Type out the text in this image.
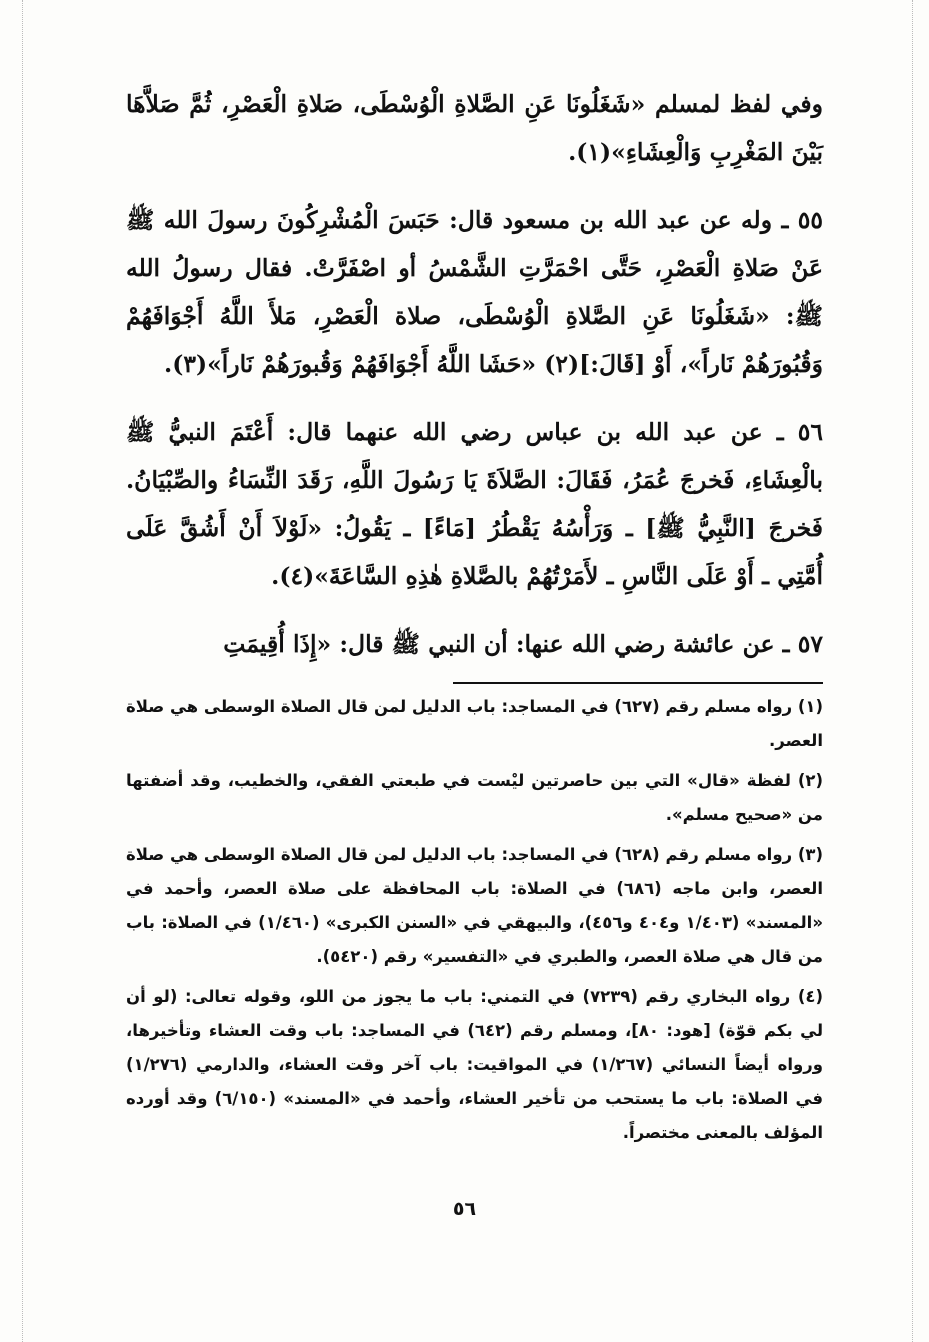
وفي لفظ لمسلم «شَغَلُونَا عَنِ الصَّلاةِ الْوُسْطَى، صَلاةِ الْعَصْرِ، ثُمَّ صَلاَّهَا بَيْنَ المَغْرِبِ وَالْعِشَاءِ»(١).

٥٥ ـ وله عن عبد الله بن مسعود قال: حَبَسَ الْمُشْرِكُونَ رسولَ الله ﷺ عَنْ صَلاةِ الْعَصْرِ، حَتَّى احْمَرَّتِ الشَّمْسُ أو اصْفَرَّتْ. فقال رسولُ الله ﷺ: «شَغَلُونَا عَنِ الصَّلاةِ الْوُسْطَى، صلاة الْعَصْرِ، مَلأَ اللَّهُ أَجْوَافَهُمْ وَقُبُورَهُمْ نَاراً»، أَوْ [قَالَ:](٢) «حَشَا اللَّهُ أَجْوَافَهُمْ وَقُبورَهُمْ نَاراً»(٣).

٥٦ ـ عن عبد الله بن عباس رضي الله عنهما قال: أَعْتَمَ النبيُّ ﷺ بالْعِشَاءِ، فَخرجَ عُمَرُ، فَقَالَ: الصَّلاَةَ يَا رَسُولَ اللَّهِ، رَقَدَ النِّسَاءُ والصِّبْيَانُ. فَخرجَ [النَّبِيُّ ﷺ] ـ وَرَأْسُهُ يَقْطُرُ [مَاءً] ـ يَقُولُ: «لَوْلاَ أَنْ أَشُقَّ عَلَى أُمَّتِي ـ أَوْ عَلَى النَّاسِ ـ لأَمَرْتُهُمْ بالصَّلاةِ هٰذِهِ السَّاعَةَ»(٤).

٥٧ ـ عن عائشة رضي الله عنها: أن النبي ﷺ قال: «إِذَا أُقِيمَتِ

(١) رواه مسلم رقم (٦٢٧) في المساجد: باب الدليل لمن قال الصلاة الوسطى هي صلاة العصر.

(٢) لفظة «قال» التي بين حاصرتين ليْست في طبعتي الفقي، والخطيب، وقد أضفتها من «صحيح مسلم».

(٣) رواه مسلم رقم (٦٢٨) في المساجد: باب الدليل لمن قال الصلاة الوسطى هي صلاة العصر، وابن ماجه (٦٨٦) في الصلاة: باب المحافظة على صلاة العصر، وأحمد في «المسند» (١/٤٠٣ و٤٠٤ و٤٥٦)، والبيهقي في «السنن الكبرى» (١/٤٦٠) في الصلاة: باب من قال هي صلاة العصر، والطبري في «التفسير» رقم (٥٤٢٠).

(٤) رواه البخاري رقم (٧٢٣٩) في التمني: باب ما يجوز من اللو، وقوله تعالى: (لو أن لي بكم قوّة) [هود: ٨٠]، ومسلم رقم (٦٤٢) في المساجد: باب وقت العشاء وتأخيرها، ورواه أيضاً النسائي (١/٢٦٧) في المواقيت: باب آخر وقت العشاء، والدارمي (١/٢٧٦) في الصلاة: باب ما يستحب من تأخير العشاء، وأحمد في «المسند» (٦/١٥٠) وقد أورده المؤلف بالمعنى مختصراً.

٥٦
